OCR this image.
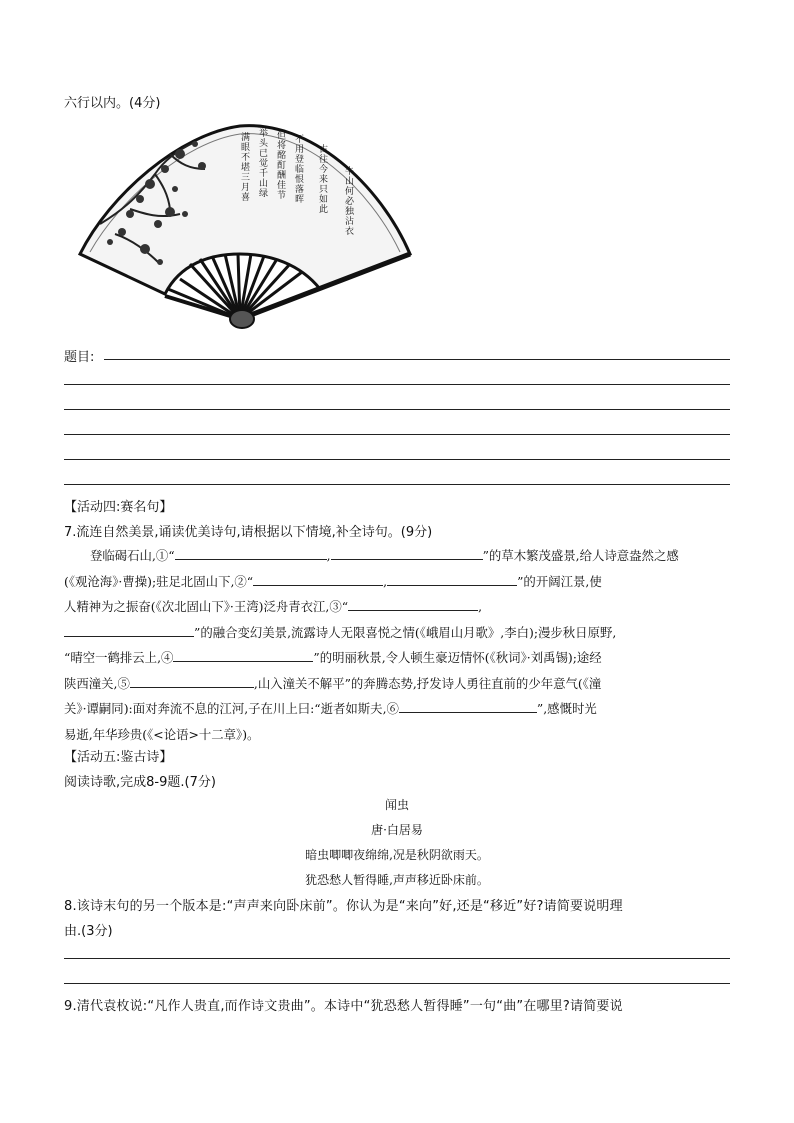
六行以内。(4分)
满眼不堪三月喜 举头已觉千山绿 但将酩酊酬佳节 不用登临恨落晖 古往今来只如此 牛山何必独沾衣
题目:
【活动四:赛名句】
7.流连自然美景,诵读优美诗句,请根据以下情境,补全诗句。(9分)
登临碣石山,①“	,	”的草木繁茂盛景,给人诗意盎然之感
(《观沧海》·曹操);驻足北固山下,②“	,	”的开阔江景,使
人精神为之振奋(《次北固山下》·王湾)泛舟青衣江,③“	,
”的融合变幻美景,流露诗人无限喜悦之情(《峨眉山月歌》,李白);漫步秋日原野,
“晴空一鹤排云上,④	”的明丽秋景,令人顿生豪迈情怀(《秋词》·刘禹锡);途经
陕西潼关,⑤	,山入潼关不解平”的奔腾态势,抒发诗人勇往直前的少年意气(《潼
关》·谭嗣同):面对奔流不息的江河,子在川上曰:“逝者如斯夫,⑥	”,感慨时光
易逝,年华珍贵(《<论语>十二章》)。
【活动五:鉴古诗】
阅读诗歌,完成8-9题.(7分)
闻虫
唐·白居易
暗虫唧唧夜绵绵,况是秋阴欲雨天。
犹恐愁人暂得睡,声声移近卧床前。
8.该诗末句的另一个版本是:“声声来向卧床前”。你认为是“来向”好,还是“移近”好?请简要说明理
由.(3分)
9.清代袁枚说:“凡作人贵直,而作诗文贵曲”。本诗中“犹恐愁人暂得睡”一句“曲”在哪里?请简要说
